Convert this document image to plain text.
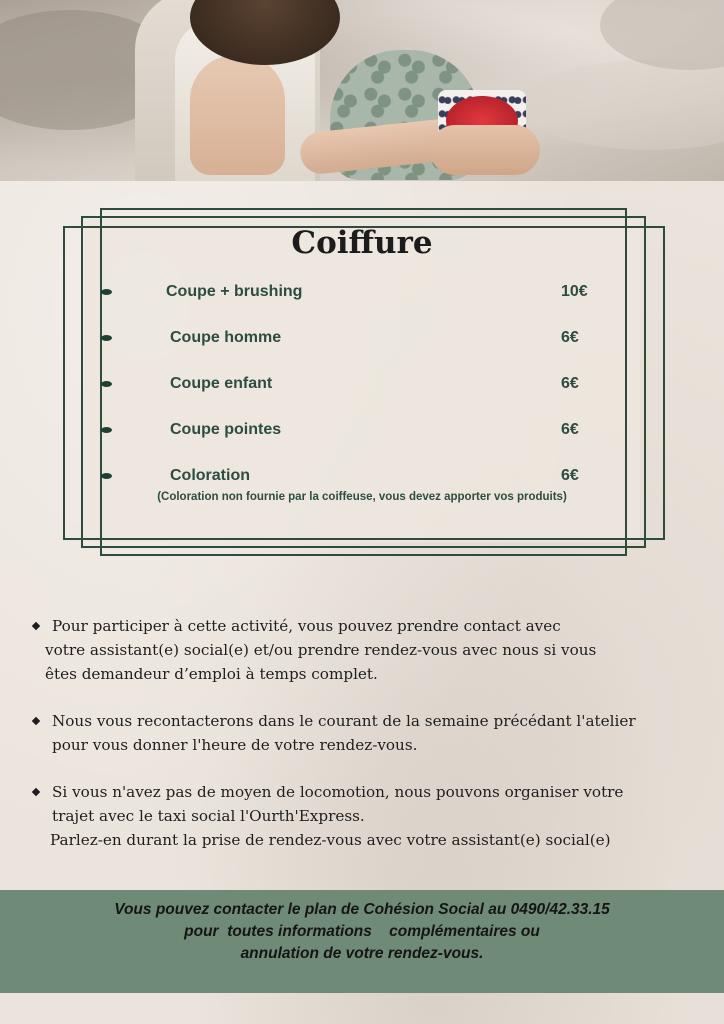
Coiffure
Coupe + brushing	10€
Coupe homme	6€
Coupe enfant	6€
Coupe pointes	6€
Coloration	6€
(Coloration non fournie par la coiffeuse, vous devez apporter vos produits)
Pour participer à cette activité, vous pouvez prendre contact avec
votre assistant(e) social(e) et/ou prendre rendez-vous avec nous si vous
êtes demandeur d’emploi à temps complet.
Nous vous recontacterons dans le courant de la semaine précédant l'atelier
pour vous donner l'heure de votre rendez-vous.
Si vous n'avez pas de moyen de locomotion, nous pouvons organiser votre
trajet avec le taxi social l'Ourth'Express.
Parlez-en durant la prise de rendez-vous avec votre assistant(e) social(e)
Vous pouvez contacter le plan de Cohésion Social au 0490/42.33.15
pour  toutes informations    complémentaires ou
annulation de votre rendez-vous.
